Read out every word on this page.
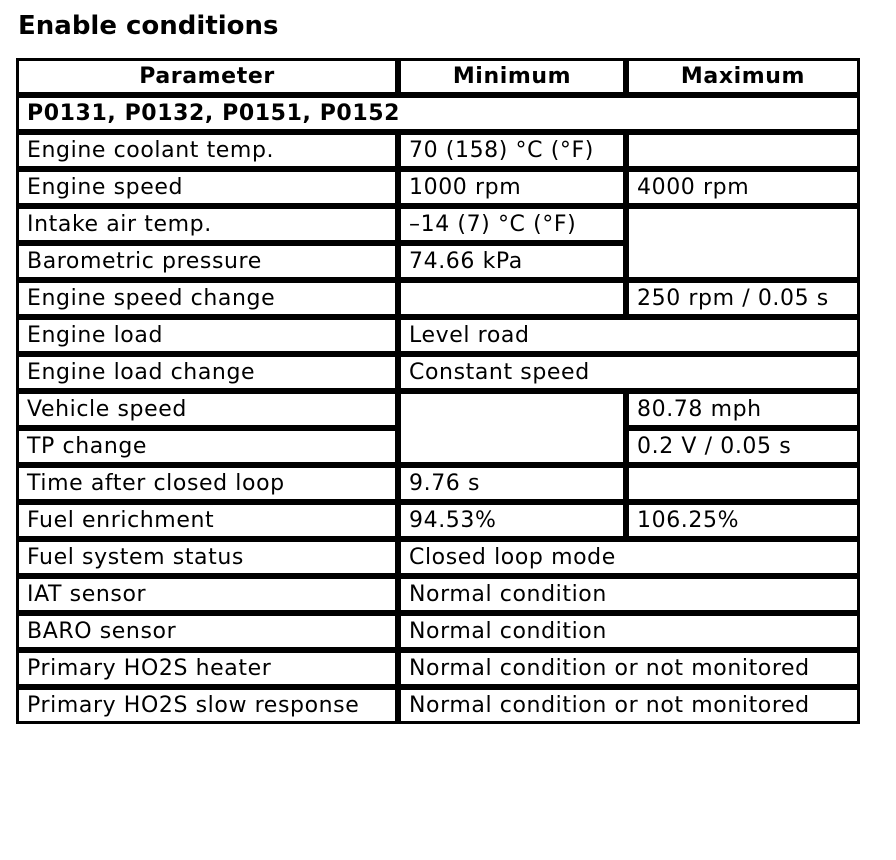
Enable conditions
Parameter	Minimum	Maximum
P0131, P0132, P0151, P0152		
Engine coolant temp.	70 (158) °C (°F)	
Engine speed	1000 rpm	4000 rpm
Intake air temp.	–14 (7) °C (°F)	
Barometric pressure	74.66 kPa	
Engine speed change		250 rpm / 0.05 s
Engine load	Level road	
Engine load change	Constant speed	
Vehicle speed		80.78 mph
TP change		0.2 V / 0.05 s
Time after closed loop	9.76 s	
Fuel enrichment	94.53%	106.25%
Fuel system status	Closed loop mode	
IAT sensor	Normal condition	
BARO sensor	Normal condition	
Primary HO2S heater	Normal condition or not monitored	
Primary HO2S slow response	Normal condition or not monitored	
